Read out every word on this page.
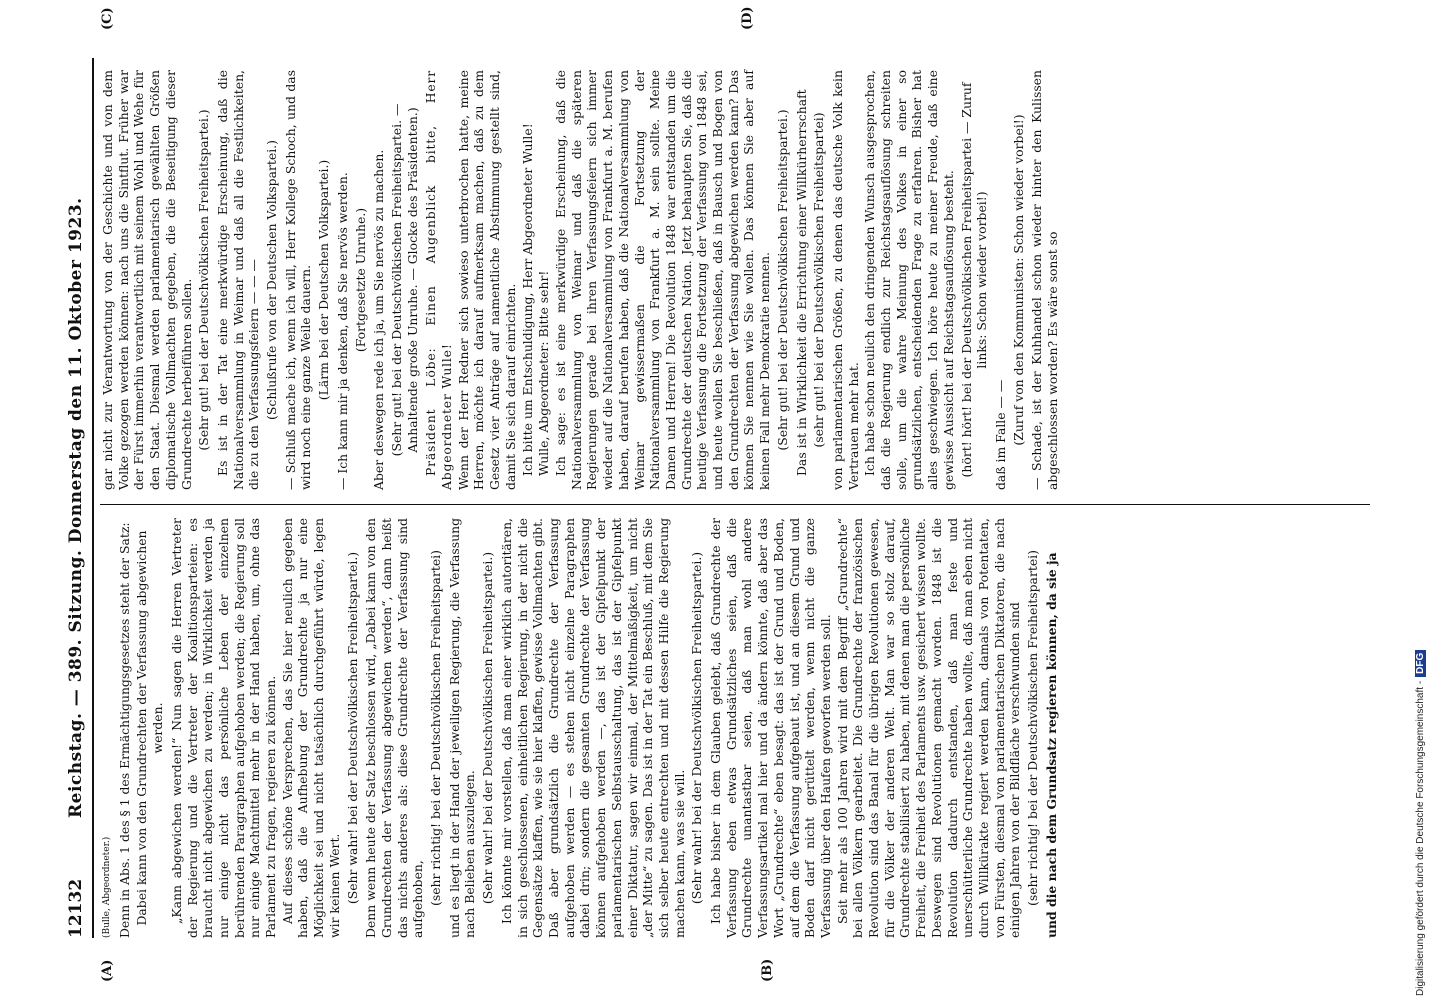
12132
Reichstag. — 389. Sitzung. Donnerstag den 11. Oktober 1923.
(A)	(B)
(C)	(D)

(Bulle, Abgeordneter.) Denn in Abs. 1 des § 1 des Ermächtigungsgesetzes steht der Satz: Dabei kann von den Grundrechten der Verfassung abgewichen werden. „Kann abgewichen werden!“ Nun sagen die Herren Vertreter der Regierung und die Vertreter der Koalitionsparteien: es braucht nicht abgewichen zu werden; in Wirklichkeit werden ja nur einige nicht das persönliche Leben der einzelnen berührenden Paragraphen aufgehoben werden; die Regierung soll nur einige Machtmittel mehr in der Hand haben, um, ohne das Parlament zu fragen, regieren zu können. Auf dieses schöne Versprechen, das Sie hier neulich gegeben haben, daß die Aufhebung der Grundrechte ja nur eine Möglichkeit sei und nicht tatsächlich durchgeführt würde, legen wir keinen Wert. (Sehr wahr! bei der Deutschvölkischen Freiheitspartei.) Denn wenn heute der Satz beschlossen wird, „Dabei kann von den Grundrechten der Verfassung abgewichen werden“, dann heißt das nichts anderes als: diese Grundrechte der Verfassung sind aufgehoben, (sehr richtig! bei der Deutschvölkischen Freiheitspartei) und es liegt in der Hand der jeweiligen Regierung, die Verfassung nach Belieben auszulegen. (Sehr wahr! bei der Deutschvölkischen Freiheitspartei.) Ich könnte mir vorstellen, daß man einer wirklich autoritären, in sich geschlossenen, einheitlichen Regierung, in der nicht die Gegensätze klaffen, wie sie hier klaffen, gewisse Vollmachten gibt. Daß aber grundsätzlich die Grundrechte der Verfassung aufgehoben werden — es stehen nicht einzelne Paragraphen dabei drin; sondern die gesamten Grundrechte der Verfassung können aufgehoben werden —, das ist der Gipfelpunkt der parlamentarischen Selbstausschaltung, das ist der Gipfelpunkt einer Diktatur, sagen wir einmal, der Mittelmäßigkeit, um nicht „der Mitte“ zu sagen. Das ist in der Tat ein Beschluß, mit dem Sie sich selber heute entrechten und mit dessen Hilfe die Regierung machen kann, was sie will. (Sehr wahr! bei der Deutschvölkischen Freiheitspartei.) Ich habe bisher in dem Glauben gelebt, daß Grundrechte der Verfassung eben etwas Grundsätzliches seien, daß die Grundrechte unantastbar seien, daß man wohl andere Verfassungsartikel mal hier und da ändern könnte, daß aber das Wort „Grundrechte“ eben besagt: das ist der Grund und Boden, auf dem die Verfassung aufgebaut ist, und an diesem Grund und Boden darf nicht gerüttelt werden, wenn nicht die ganze Verfassung über den Haufen geworfen werden soll. Seit mehr als 100 Jahren wird mit dem Begriff „Grundrechte“ bei allen Völkern gearbeitet. Die Grundrechte der französischen Revolution sind das Banal für die übrigen Revolutionen gewesen, für die Völker der anderen Welt. Man war so stolz darauf, Grundrechte stabilisiert zu haben, mit denen man die persönliche Freiheit, die Freiheit des Parlaments usw. gesichert wissen wollte. Deswegen sind Revolutionen gemacht worden. 1848 ist die Revolution dadurch entstanden, daß man feste und unerschütterliche Grundrechte haben wollte, daß man eben nicht durch Willkürakte regiert werden kann, damals von Potentaten, von Fürsten, diesmal von parlamentarischen Diktatoren, die nach einigen Jahren von der Bildfläche verschwunden sind (sehr richtig! bei der Deutschvölkischen Freiheitspartei) und die nach dem Grundsatz regieren können, da sie ja

gar nicht zur Verantwortung von der Geschichte und von dem Volke gezogen werden können: nach uns die Sintflut. Früher war der Fürst immerhin verantwortlich mit seinem Wohl und Wehe für den Staat. Diesmal werden parlamentarisch gewählten Größen diplomatische Vollmachten gegeben, die die Beseitigung dieser Grundrechte herbeiführen sollen. (Sehr gut! bei der Deutschvölkischen Freiheitspartei.) Es ist in der Tat eine merkwürdige Erscheinung, daß die Nationalversammlung in Weimar und daß all die Festlichkeiten, die zu den Verfassungsfeiern — — — (Schlußrufe von der Deutschen Volkspartei.) — Schluß mache ich, wenn ich will, Herr Kollege Schoch, und das wird noch eine ganze Weile dauern. (Lärm bei der Deutschen Volkspartei.) — Ich kann mir ja denken, daß Sie nervös werden. (Fortgesetzte Unruhe.) Aber deswegen rede ich ja, um Sie nervös zu machen. (Sehr gut! bei der Deutschvölkischen Freiheitspartei. — Anhaltende große Unruhe. — Glocke des Präsidenten.) Präsident Löbe: Einen Augenblick bitte, Herr Abgeordneter Wulle! Wenn der Herr Redner sich sowieso unterbrochen hatte, meine Herren, möchte ich darauf aufmerksam machen, daß zu dem Gesetz vier Anträge auf namentliche Abstimmung gestellt sind, damit Sie sich darauf einrichten. Ich bitte um Entschuldigung, Herr Abgeordneter Wulle! Wulle, Abgeordneter: Bitte sehr! Ich sage: es ist eine merkwürdige Erscheinung, daß die Nationalversammlung von Weimar und daß die späteren Regierungen gerade bei ihren Verfassungsfeiern sich immer wieder auf die Nationalversammlung von Frankfurt a. M. berufen haben, darauf berufen haben, daß die Nationalversammlung von Weimar gewissermaßen die Fortsetzung der Nationalversammlung von Frankfurt a. M. sein sollte. Meine Damen und Herren! Die Revolution 1848 war entstanden um die Grundrechte der deutschen Nation. Jetzt behaupten Sie, daß die heutige Verfassung die Fortsetzung der Verfassung von 1848 sei, und heute wollen Sie beschließen, daß in Bausch und Bogen von den Grundrechten der Verfassung abgewichen werden kann? Das können Sie nennen wie Sie wollen. Das können Sie aber auf keinen Fall mehr Demokratie nennen. (Sehr gut! bei der Deutschvölkischen Freiheitspartei.) Das ist in Wirklichkeit die Errichtung einer Willkürherrschaft (sehr gut! bei der Deutschvölkischen Freiheitspartei) von parlamentarischen Größen, zu denen das deutsche Volk kein Vertrauen mehr hat. Ich habe schon neulich den dringenden Wunsch ausgesprochen, daß die Regierung endlich zur Reichstagsauflösung schreiten solle, um die wahre Meinung des Volkes in einer so grundsätzlichen, entscheidenden Frage zu erfahren. Bisher hat alles geschwiegen. Ich höre heute zu meiner Freude, daß eine gewisse Aussicht auf Reichstagsauflösung besteht. (hört! hört! bei der Deutschvölkischen Freiheitspartei — Zuruf links: Schon wieder vorbei!)

daß im Falle — — (Zuruf von den Kommunisten: Schon wieder vorbei!) — Schade, ist der Kuhhandel schon wieder hinter den Kulissen abgeschlossen worden? Es wäre sonst so

Digitalisierung gefördert durch die Deutsche Forschungsgemeinschaft -DFG
